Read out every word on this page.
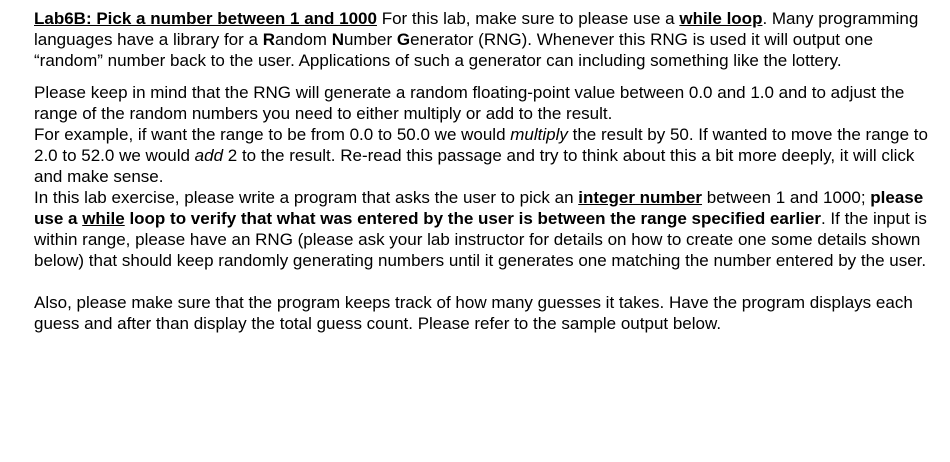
Lab6B: Pick a number between 1 and 1000 For this lab, make sure to please use a while loop. Many programming languages have a library for a Random Number Generator (RNG). Whenever this RNG is used it will output one “random” number back to the user. Applications of such a generator can including something like the lottery.

Please keep in mind that the RNG will generate a random floating-point value between 0.0 and 1.0 and to adjust the range of the random numbers you need to either multiply or add to the result.

For example, if want the range to be from 0.0 to 50.0 we would multiply the result by 50. If wanted to move the range to 2.0 to 52.0 we would add 2 to the result. Re-read this passage and try to think about this a bit more deeply, it will click and make sense.

In this lab exercise, please write a program that asks the user to pick an integer number between 1 and 1000; please use a while loop to verify that what was entered by the user is between the range specified earlier. If the input is within range, please have an RNG (please ask your lab instructor for details on how to create one some details shown below) that should keep randomly generating numbers until it generates one matching the number entered by the user.

Also, please make sure that the program keeps track of how many guesses it takes. Have the program displays each guess and after than display the total guess count. Please refer to the sample output below.
